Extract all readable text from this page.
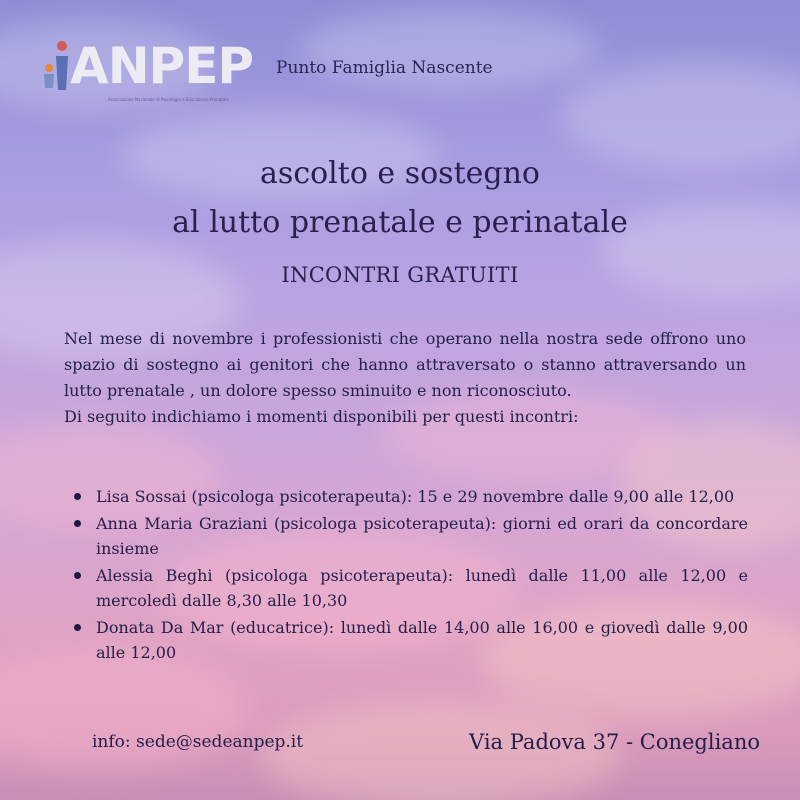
ANPEP
Associazione Nazionale di Psicologia e Educazione Prenatale
Punto Famiglia Nascente
ascolto e sostegno
al lutto prenatale e perinatale
INCONTRI GRATUITI

Nel mese di novembre i professionisti che operano nella nostra sede offrono uno spazio di sostegno ai genitori che hanno attraversato o stanno attraversando un lutto prenatale , un dolore spesso sminuito e non riconosciuto.

Di seguito indichiamo i momenti disponibili per questi incontri:

Lisa Sossai (psicologa psicoterapeuta): 15 e 29 novembre dalle 9,00 alle 12,00
Anna Maria Graziani (psicologa psicoterapeuta): giorni ed orari da concordare insieme
Alessia Beghi (psicologa psicoterapeuta): lunedì dalle 11,00 alle 12,00 e mercoledì dalle 8,30 alle 10,30
Donata Da Mar (educatrice): lunedì dalle 14,00 alle 16,00 e giovedì dalle 9,00 alle 12,00
info: sede@sedeanpep.it	Via Padova 37 - Conegliano
